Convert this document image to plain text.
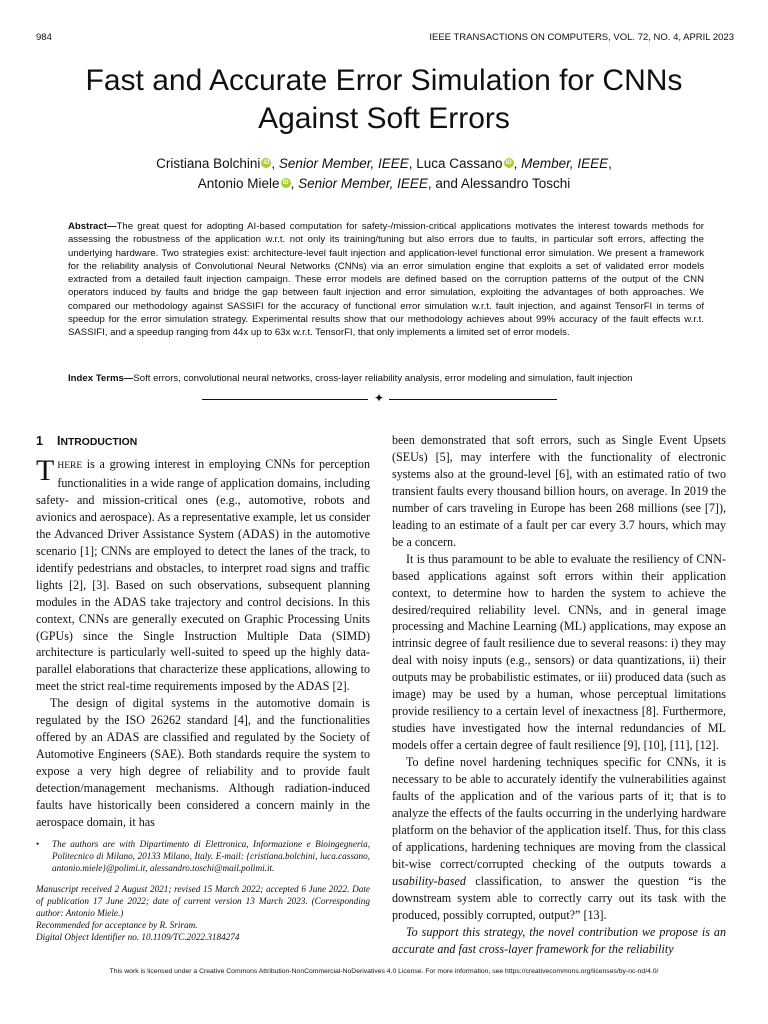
984	IEEE TRANSACTIONS ON COMPUTERS, VOL. 72, NO. 4, APRIL 2023
Fast and Accurate Error Simulation for CNNs Against Soft Errors
Cristiana Bolchini iD , Senior Member, IEEE, Luca Cassano iD , Member, IEEE,
Antonio Miele iD , Senior Member, IEEE, and Alessandro Toschi
Abstract—The great quest for adopting AI-based computation for safety-/mission-critical applications motivates the interest towards methods for assessing the robustness of the application w.r.t. not only its training/tuning but also errors due to faults, in particular soft errors, affecting the underlying hardware. Two strategies exist: architecture-level fault injection and application-level functional error simulation. We present a framework for the reliability analysis of Convolutional Neural Networks (CNNs) via an error simulation engine that exploits a set of validated error models extracted from a detailed fault injection campaign. These error models are defined based on the corruption patterns of the output of the CNN operators induced by faults and bridge the gap between fault injection and error simulation, exploiting the advantages of both approaches. We compared our methodology against SASSIFI for the accuracy of functional error simulation w.r.t. fault injection, and against TensorFI in terms of speedup for the error simulation strategy. Experimental results show that our methodology achieves about 99% accuracy of the fault effects w.r.t. SASSIFI, and a speedup ranging from 44x up to 63x w.r.t. TensorFI, that only implements a limited set of error models.
Index Terms—Soft errors, convolutional neural networks, cross-layer reliability analysis, error modeling and simulation, fault injection
✦
1 INTRODUCTION

THERE is a growing interest in employing CNNs for perception functionalities in a wide range of application domains, including safety- and mission-critical ones (e.g., automotive, robots and avionics and aerospace). As a representative example, let us consider the Advanced Driver Assistance System (ADAS) in the automotive scenario [1]; CNNs are employed to detect the lanes of the track, to identify pedestrians and obstacles, to interpret road signs and traffic lights [2], [3]. Based on such observations, subsequent planning modules in the ADAS take trajectory and control decisions. In this context, CNNs are generally executed on Graphic Processing Units (GPUs) since the Single Instruction Multiple Data (SIMD) architecture is particularly well-suited to speed up the highly data-parallel elaborations that characterize these applications, allowing to meet the strict real-time requirements imposed by the ADAS [2].

The design of digital systems in the automotive domain is regulated by the ISO 26262 standard [4], and the functionalities offered by an ADAS are classified and regulated by the Society of Automotive Engineers (SAE). Both standards require the system to expose a very high degree of reliability and to provide fault detection/management mechanisms. Although radiation-induced faults have historically been considered a concern mainly in the aerospace domain, it has

been demonstrated that soft errors, such as Single Event Upsets (SEUs) [5], may interfere with the functionality of electronic systems also at the ground-level [6], with an estimated ratio of two transient faults every thousand billion hours, on average. In 2019 the number of cars traveling in Europe has been 268 millions (see [7]), leading to an estimate of a fault per car every 3.7 hours, which may be a concern.

It is thus paramount to be able to evaluate the resiliency of CNN-based applications against soft errors within their application context, to determine how to harden the system to achieve the desired/required reliability level. CNNs, and in general image processing and Machine Learning (ML) applications, may expose an intrinsic degree of fault resilience due to several reasons: i) they may deal with noisy inputs (e.g., sensors) or data quantizations, ii) their outputs may be probabilistic estimates, or iii) produced data (such as image) may be used by a human, whose perceptual limitations provide resiliency to a certain level of inexactness [8]. Furthermore, studies have investigated how the internal redundancies of ML models offer a certain degree of fault resilience [9], [10], [11], [12].

To define novel hardening techniques specific for CNNs, it is necessary to be able to accurately identify the vulnerabilities against faults of the application and of the various parts of it; that is to analyze the effects of the faults occurring in the underlying hardware platform on the behavior of the application itself. Thus, for this class of applications, hardening techniques are moving from the classical bit-wise correct/corrupted checking of the outputs towards a usability-based classification, to answer the question “is the downstream system able to correctly carry out its task with the produced, possibly corrupted, output?” [13].

To support this strategy, the novel contribution we propose is an accurate and fast cross-layer framework for the reliability

• The authors are with Dipartimento di Elettronica, Informazione e Bioingegneria, Politecnico di Milano, 20133 Milano, Italy. E-mail: {cristiana.bolchini, luca.cassano, antonio.miele}@polimi.it, alessandro.toschi@mail.polimi.it.
Manuscript received 2 August 2021; revised 15 March 2022; accepted 6 June 2022. Date of publication 17 June 2022; date of current version 13 March 2023. (Corresponding author: Antonio Miele.)
Recommended for acceptance by R. Sriram.
Digital Object Identifier no. 10.1109/TC.2022.3184274
This work is licensed under a Creative Commons Attribution-NonCommercial-NoDerivatives 4.0 License. For more information, see https://creativecommons.org/licenses/by-nc-nd/4.0/
